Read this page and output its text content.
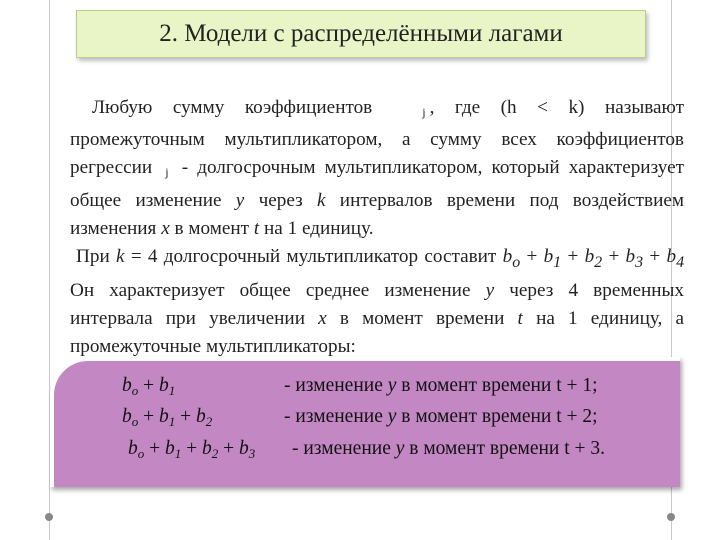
2. Модели с распределёнными лагами

Любую сумму коэффициентов	j , где (h < k) называют промежуточным мультипликатором, а сумму всех коэффициентов регрессии j - долгосрочным мультипликатором, который характеризует общее изменение y через k интервалов времени под воздействием изменения x в момент t на 1 единицу.

При k = 4 долгосрочный мультипликатор составит $b_o + b_1 + b_2 + b_3 + b_4$ Он характеризует общее среднее изменение y через 4 временных интервала при увеличении x в момент времени t на 1 единицу, а промежуточные мультипликаторы:

$b_o + b_1$	- изменение y в момент времени t + 1;
$b_o + b_1 + b_2$	- изменение y в момент времени t + 2;
$b_o + b_1 + b_2 + b_3$ - изменение y в момент времени t + 3.
